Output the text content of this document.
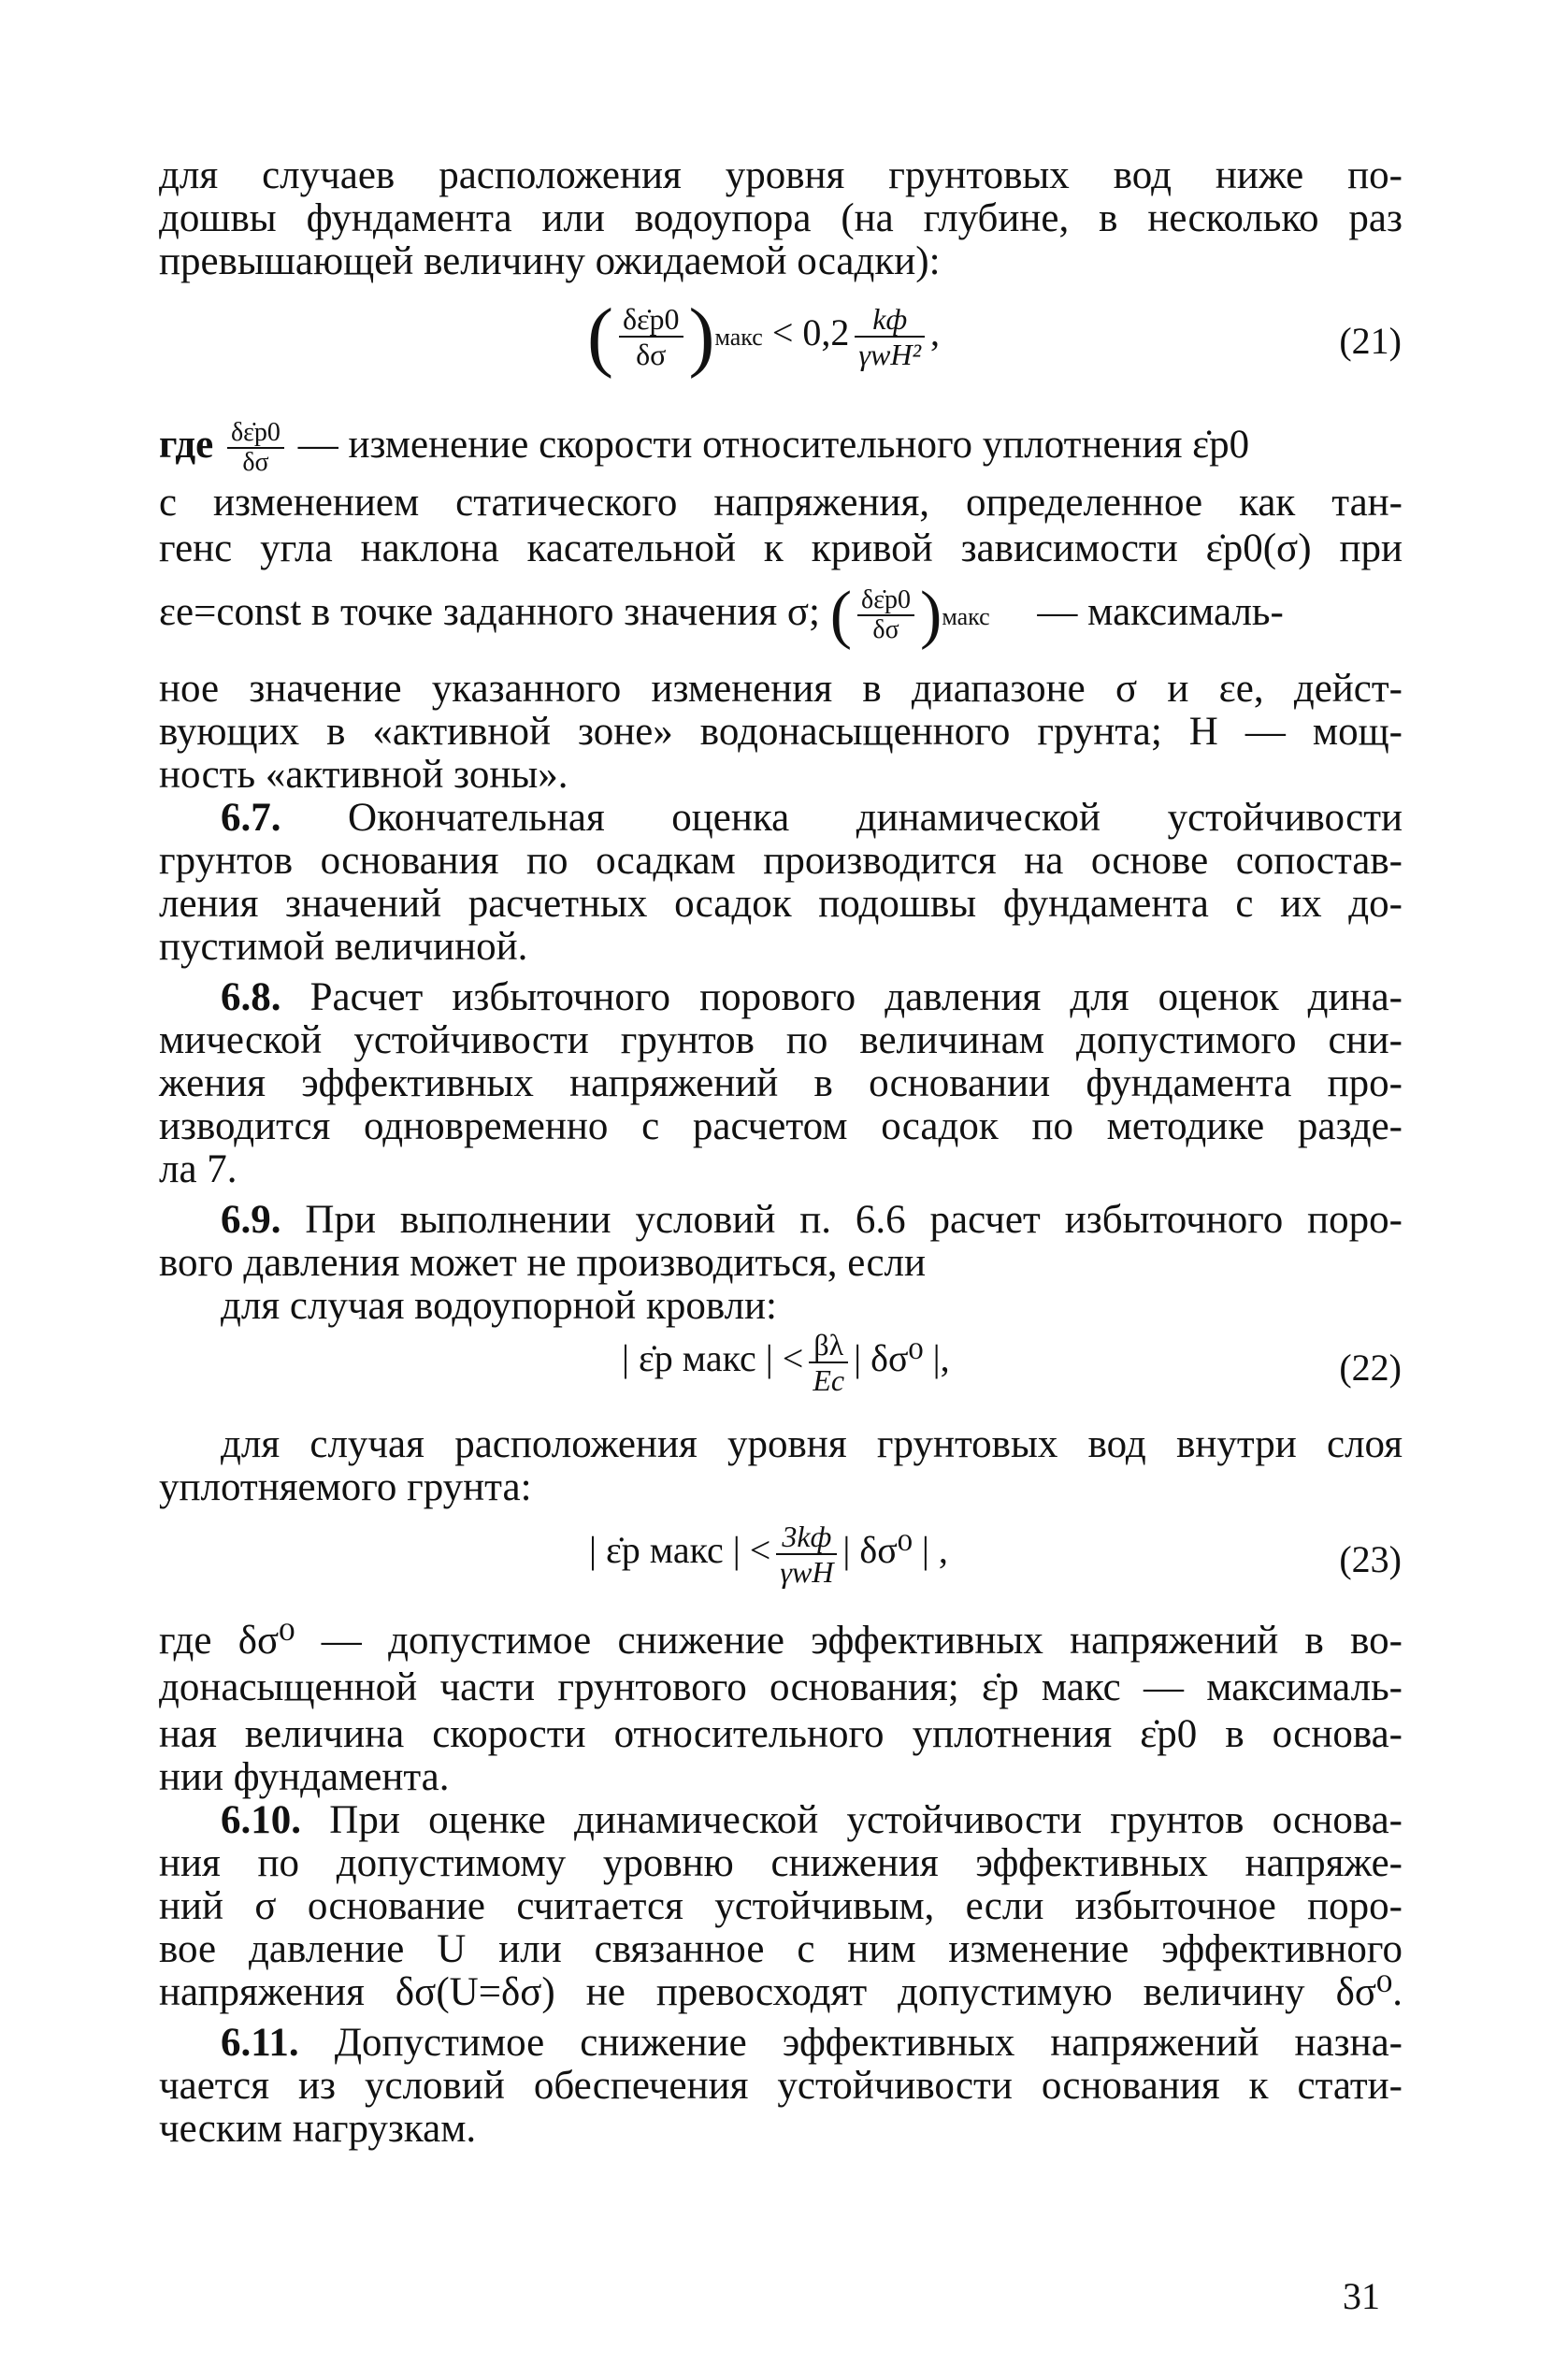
для случаев расположения уровня грунтовых вод ниже по-
дошвы фундамента или водоупора (на глубине, в несколько раз
превышающей величину ожидаемой осадки):
( $\frac{\delta\varepsiloṅp0}{\delta\sigma}$ )макс < $0,2 \frac{kф}{\text{γwH²}}$ ,	(21)
где $\frac{\delta\varepsiloṅp0}{\delta\sigma}$ — изменение скорости относительного уплотнения ε̇p0
с изменением статического напряжения, определенное как тан-
генс угла наклона касательной к кривой зависимости ε̇p0(σ) при
εe=const в точке заданного значения σ; ( $\frac{\delta\varepsiloṅp0}{\delta\sigma}$ )макс — максималь-
ное значение указанного изменения в диапазоне σ и εe, дейст-
вующих в «активной зоне» водонасыщенного грунта; H — мощ-
ность «активной зоны».
6.7. Окончательная оценка динамической устойчивости
грунтов основания по осадкам производится на основе сопостав-
ления значений расчетных осадок подошвы фундамента с их до-
пустимой величиной.
6.8. Расчет избыточного порового давления для оценок дина-
мической устойчивости грунтов по величинам допустимого сни-
жения эффективных напряжений в основании фундамента про-
изводится одновременно с расчетом осадок по методике разде-
ла 7.
6.9. При выполнении условий п. 6.6 расчет избыточного поро-
вого давления может не производиться, если
для случая водоупорной кровли:
| ε̇p макс | < $\frac{\beta\lambda}{Ec}$ | δσ⁰ |,	(22)
для случая расположения уровня грунтовых вод внутри слоя
уплотняемого грунта:
| ε̇p макс | < $\frac{3kф}{\text{γwH}}$ | δσ⁰ | ,	(23)
где δσ⁰ — допустимое снижение эффективных напряжений в во-
донасыщенной части грунтового основания; ε̇p макс — максималь-
ная величина скорости относительного уплотнения ε̇p0 в основа-
нии фундамента.
6.10. При оценке динамической устойчивости грунтов основа-
ния по допустимому уровню снижения эффективных напряже-
ний σ основание считается устойчивым, если избыточное поро-
вое давление U или связанное с ним изменение эффективного
напряжения δσ(U=δσ) не превосходят допустимую величину δσ⁰.
6.11. Допустимое снижение эффективных напряжений назна-
чается из условий обеспечения устойчивости основания к стати-
ческим нагрузкам.
31
